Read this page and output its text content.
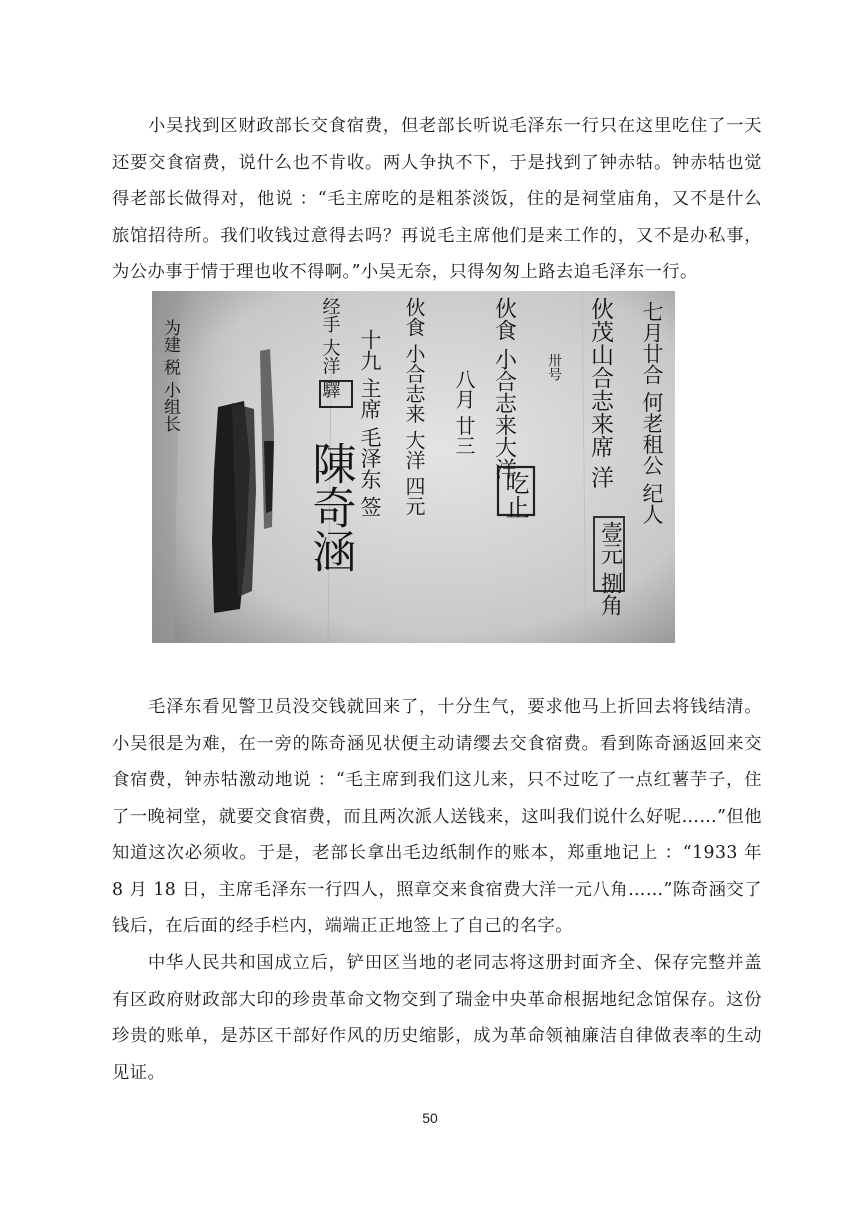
小吴找到区财政部长交食宿费，但老部长听说毛泽东一行只在这里吃住了一天还要交食宿费，说什么也不肯收。两人争执不下，于是找到了钟赤牯。钟赤牯也觉得老部长做得对，他说 ：“毛主席吃的是粗茶淡饭，住的是祠堂庙角，又不是什么旅馆招待所。我们收钱过意得去吗？再说毛主席他们是来工作的，又不是办私事，为公办事于情于理也收不得啊。”小吴无奈，只得匆匆上路去追毛泽东一行。

为建 税 小组长	经手 大洋 驛 十九 主席 毛泽东 签
陳奇涵 伙食 小合志来 大洋 四元 八月 廿三 伙食 小合志来大洋
吃止
卅号 伙茂山合志来席 洋
壹元 捌角
七月廿合 何老租公 纪人

毛泽东看见警卫员没交钱就回来了，十分生气，要求他马上折回去将钱结清。小吴很是为难，在一旁的陈奇涵见状便主动请缨去交食宿费。看到陈奇涵返回来交食宿费，钟赤牯激动地说 ：“毛主席到我们这儿来，只不过吃了一点红薯芋子，住了一晚祠堂，就要交食宿费，而且两次派人送钱来，这叫我们说什么好呢……”但他知道这次必须收。于是，老部长拿出毛边纸制作的账本，郑重地记上 ：“1933 年 8 月 18 日，主席毛泽东一行四人，照章交来食宿费大洋一元八角……”陈奇涵交了钱后，在后面的经手栏内，端端正正地签上了自己的名字。

中华人民共和国成立后，铲田区当地的老同志将这册封面齐全、保存完整并盖有区政府财政部大印的珍贵革命文物交到了瑞金中央革命根据地纪念馆保存。这份珍贵的账单，是苏区干部好作风的历史缩影，成为革命领袖廉洁自律做表率的生动见证。

50
